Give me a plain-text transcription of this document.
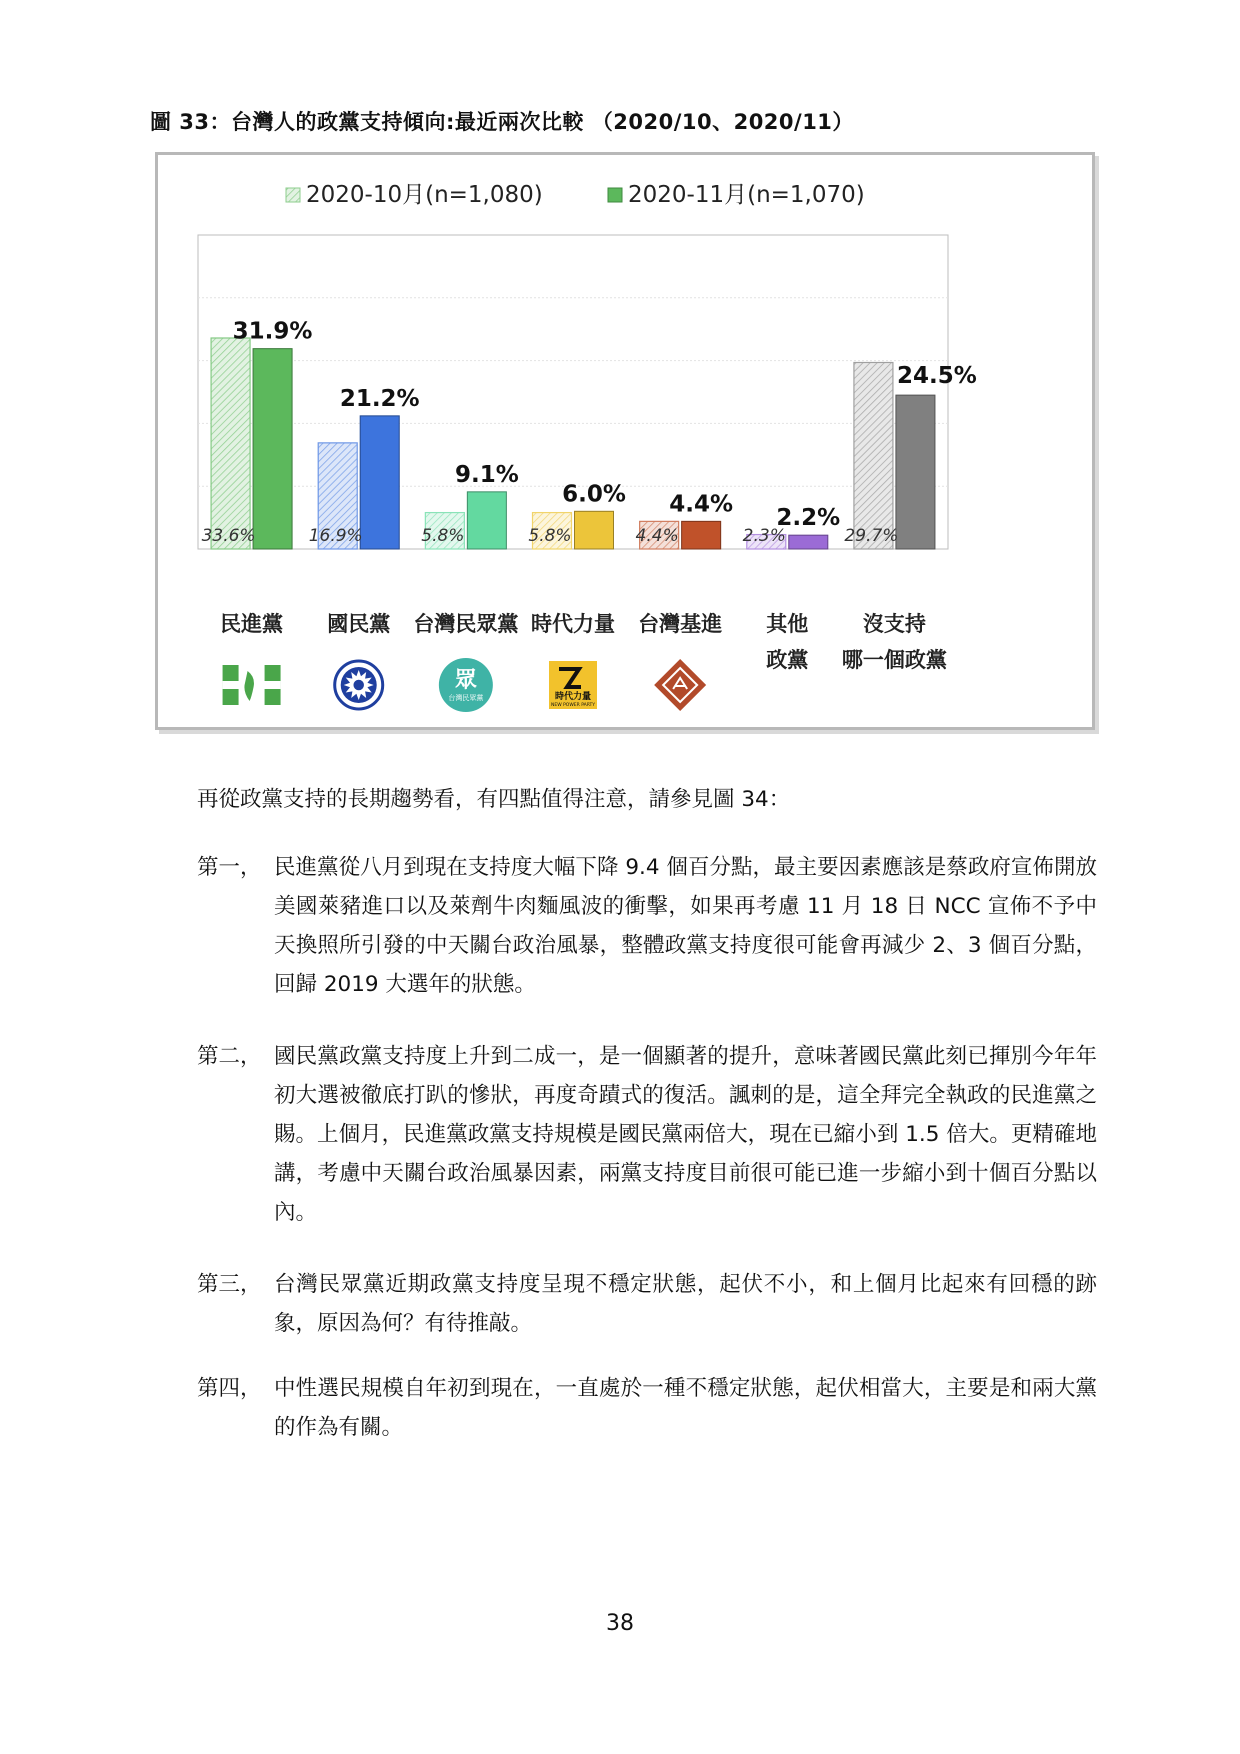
圖 33：台灣人的政黨支持傾向:最近兩次比較 （2020/10、2020/11）
2020-10月(n=1,080)	2020-11月(n=1,070)
33.6%
31.9%
民進黨
16.9%
21.2%
國民黨
5.8%
9.1%
台灣民眾黨
5.8%
6.0%
時代力量
4.4%
4.4%
台灣基進
2.3%
2.2%
其他
政黨
29.7%
24.5%
沒支持
哪一個政黨
眾
台灣民眾黨	時代力量
NEW POWER PARTY
再從政黨支持的長期趨勢看，有四點值得注意，請參見圖 34：
第一， 民進黨從八月到現在支持度大幅下降 9.4 個百分點，最主要因素應該是蔡政府宣佈開放美國萊豬進口以及萊劑牛肉麵風波的衝擊，如果再考慮 11 月 18 日 NCC 宣佈不予中天換照所引發的中天關台政治風暴，整體政黨支持度很可能會再減少 2、3 個百分點，回歸 2019 大選年的狀態。
第二， 國民黨政黨支持度上升到二成一，是一個顯著的提升，意味著國民黨此刻已揮別今年年初大選被徹底打趴的慘狀，再度奇蹟式的復活。諷刺的是，這全拜完全執政的民進黨之賜。上個月，民進黨政黨支持規模是國民黨兩倍大，現在已縮小到 1.5 倍大。更精確地講，考慮中天關台政治風暴因素，兩黨支持度目前很可能已進一步縮小到十個百分點以內。
第三， 台灣民眾黨近期政黨支持度呈現不穩定狀態，起伏不小，和上個月比起來有回穩的跡象，原因為何？有待推敲。
第四， 中性選民規模自年初到現在，一直處於一種不穩定狀態，起伏相當大，主要是和兩大黨的作為有關。
38
